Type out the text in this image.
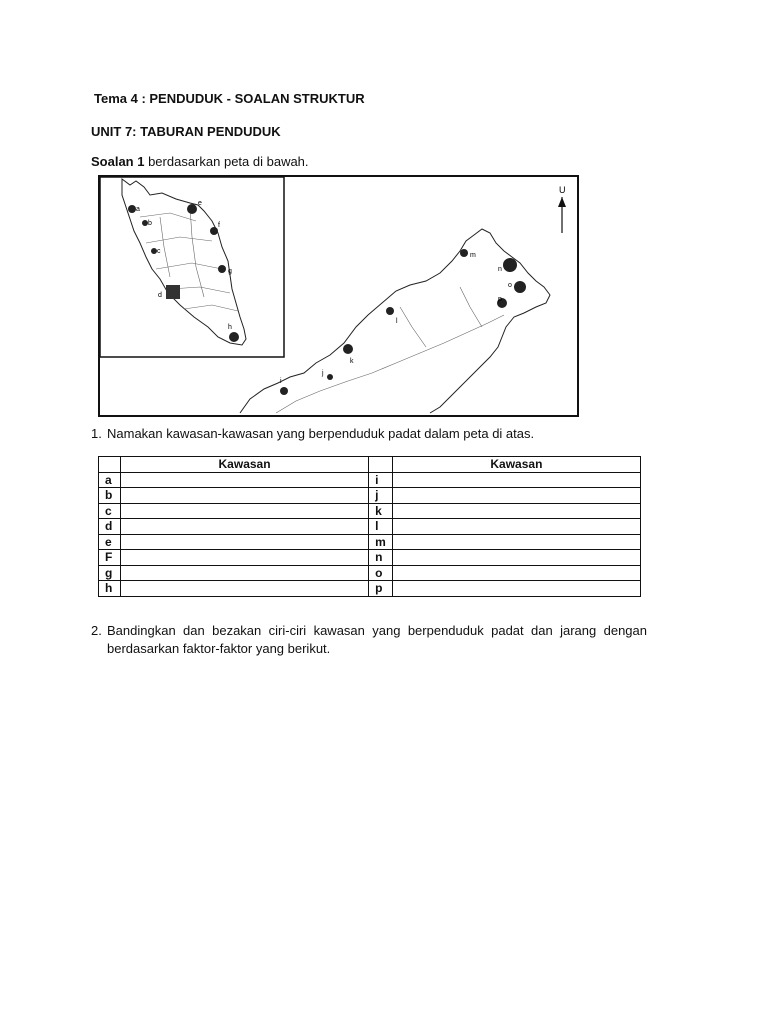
Tema 4 : PENDUDUK - SOALAN STRUKTUR
UNIT 7: TABURAN PENDUDUK
Soalan 1 berdasarkan peta di bawah.
U
a
b
c
d
e
f
g
h
i
j
k
l
m
n
o
p
1. Namakan kawasan-kawasan yang berpenduduk padat dalam peta di atas.
	Kawasan		Kawasan
a		i	
b		j	
c		k	
d		l	
e		m	
F		n	
g		o	
h		p	
2. Bandingkan dan bezakan ciri-ciri kawasan yang berpenduduk padat dan jarang dengan berdasarkan faktor-faktor yang berikut.
